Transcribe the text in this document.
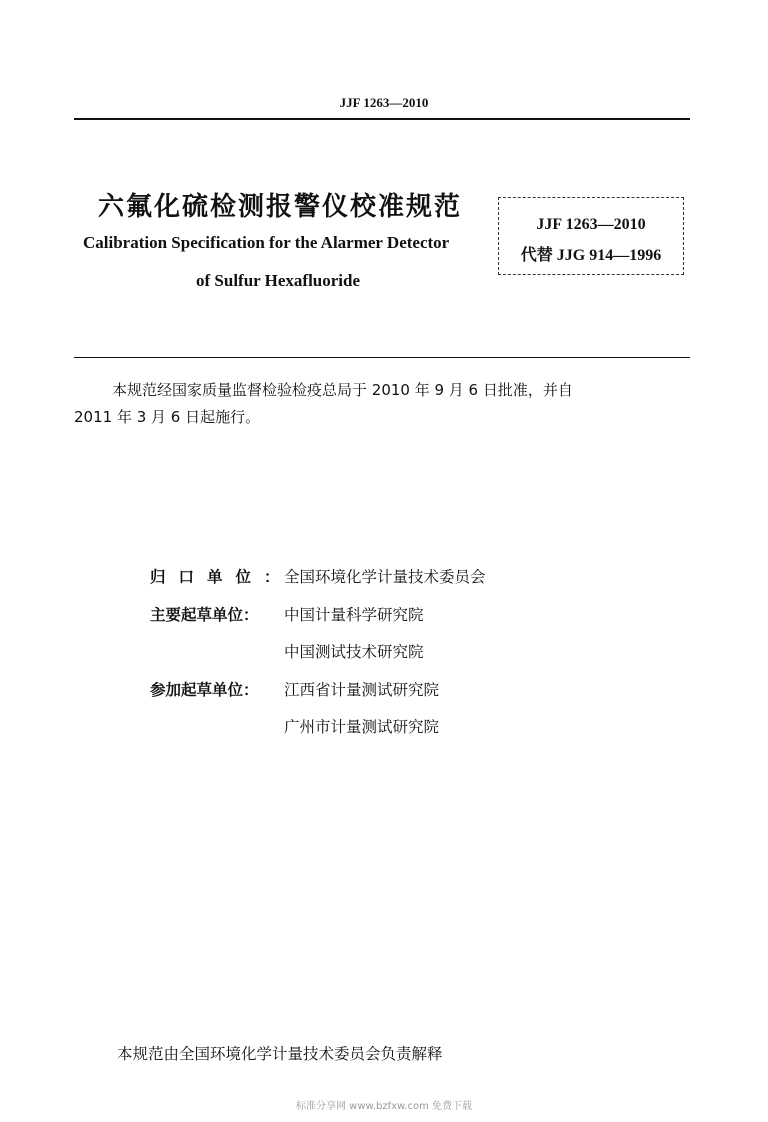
JJF 1263—2010
六氟化硫检测报警仪校准规范
Calibration Specification for the Alarmer Detector
of Sulfur Hexafluoride
JJF 1263—2010
代替 JJG 914—1996
本规范经国家质量监督检验检疫总局于 2010 年 9 月 6 日批准，并自
2011 年 3 月 6 日起施行。
归口单位：
全国环境化学计量技术委员会
主要起草单位：	中国计量科学研究院
中国测试技术研究院
参加起草单位：	江西省计量测试研究院
广州市计量测试研究院
本规范由全国环境化学计量技术委员会负责解释
标准分享网 www.bzfxw.com 免费下载
